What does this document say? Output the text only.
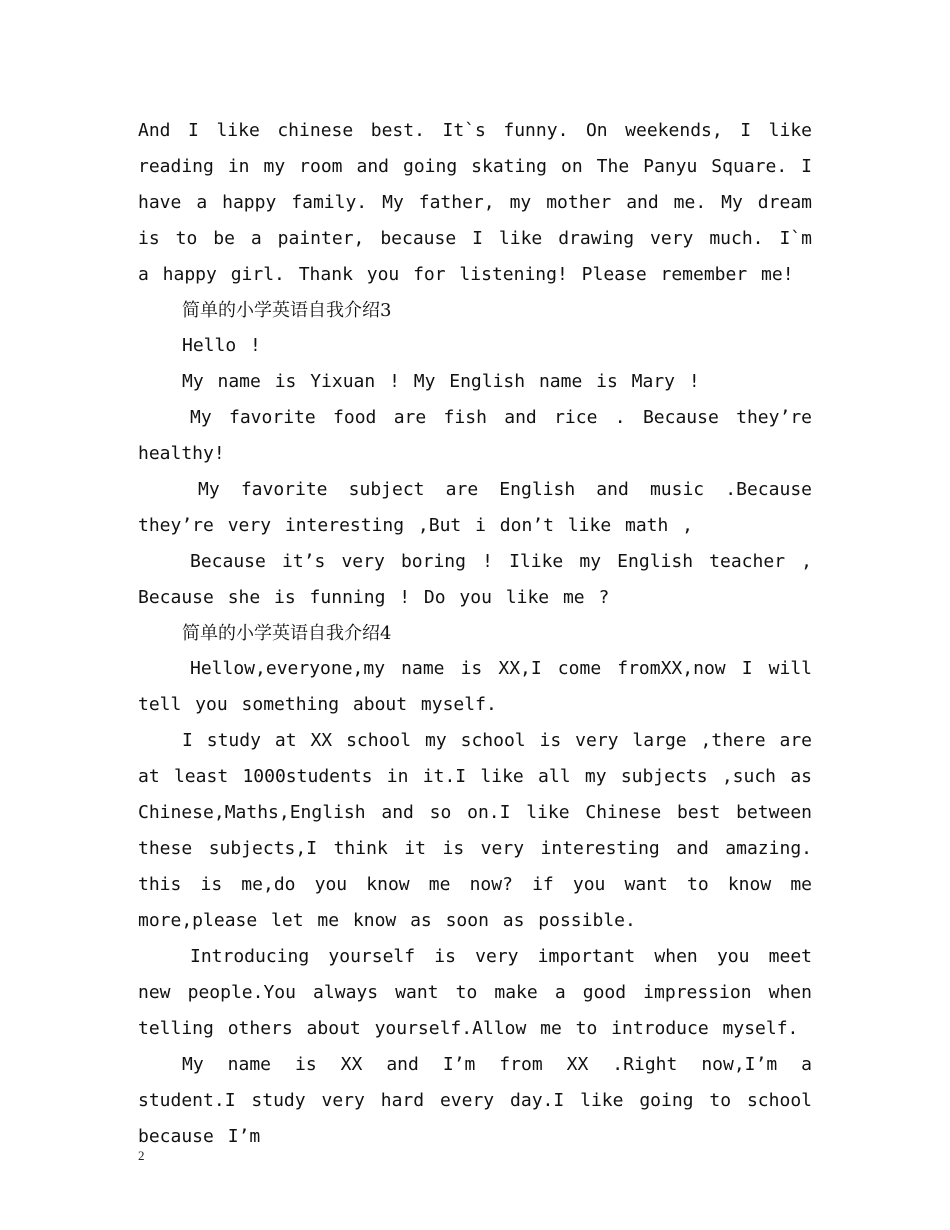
And I like chinese best. It`s funny. On weekends, I like reading in my room and going skating on The Panyu Square. I have a happy family. My father, my mother and me. My dream is to be a painter, because I like drawing very much. I`m a happy girl. Thank you for listening! Please remember me!

简单的小学英语自我介绍3

Hello !

My name is Yixuan ! My English name is Mary !

My favorite food are fish and rice . Because they’re healthy!

My favorite subject are English and music .Because they’re very interesting ,But i don’t like math ,

Because it’s very boring ! Ilike my English teacher , Because she is funning ! Do you like me ?

简单的小学英语自我介绍4

Hellow,everyone,my name is XX,I come fromXX,now I will tell you something about myself.

I study at XX school my school is very large ,there are at least 1000students in it.I like all my subjects ,such as Chinese,Maths,English and so on.I like Chinese best between these subjects,I think it is very interesting and amazing. this is me,do you know me now? if you want to know me more,please let me know as soon as possible.

Introducing yourself is very important when you meet new people.You always want to make a good impression when telling others about yourself.Allow me to introduce myself.

My name is XX and I’m from XX .Right now,I’m a student.I study very hard every day.I like going to school because I’m

2
